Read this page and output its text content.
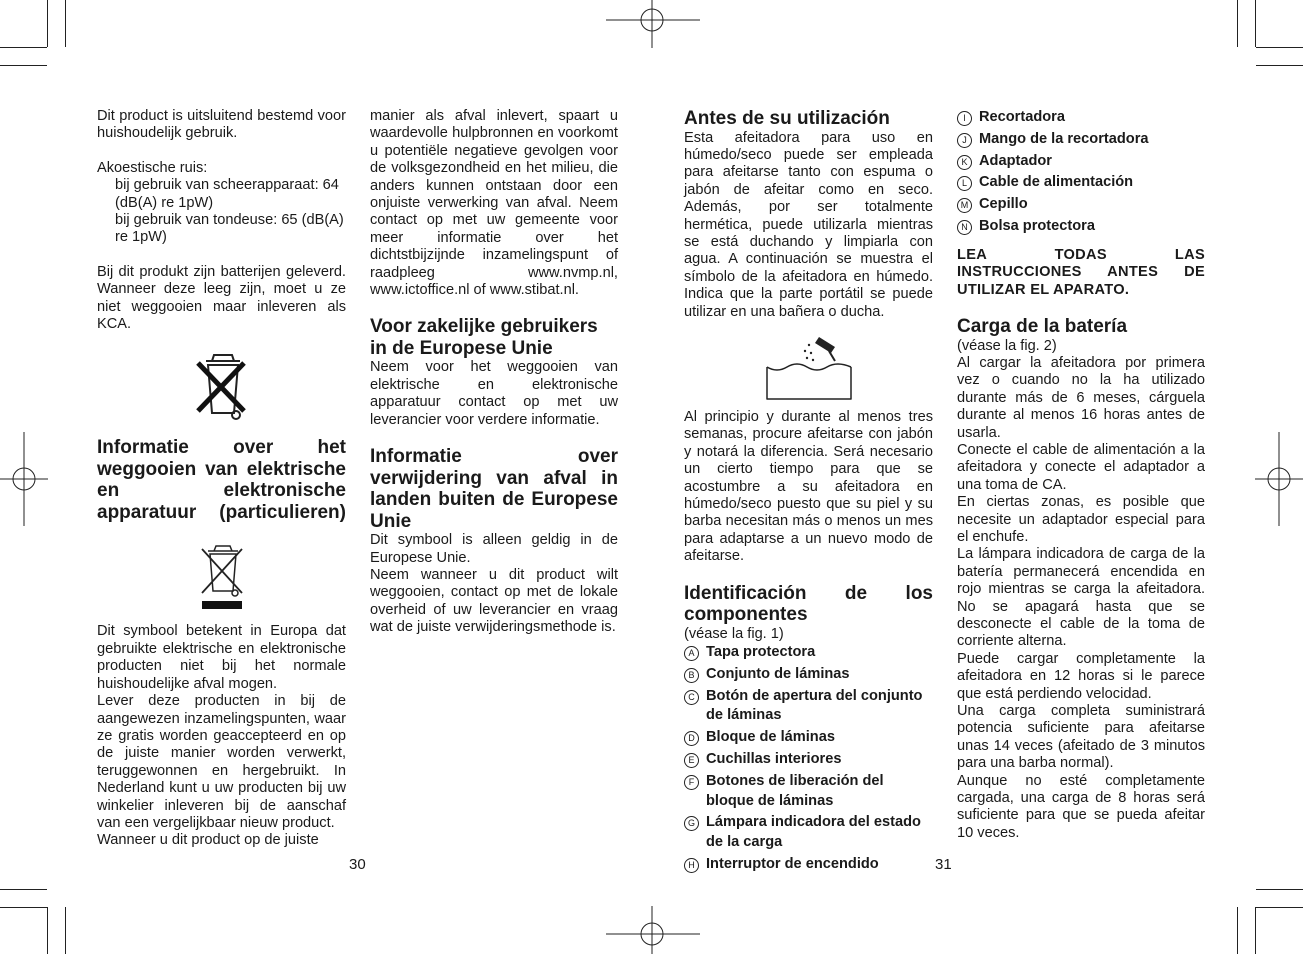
Dit product is uitsluitend bestemd voor huishoudelijk gebruik.

Akoestische ruis:

bij gebruik van scheerapparaat: 64 (dB(A) re 1pW)

bij gebruik van tondeuse: 65 (dB(A) re 1pW)

Bij dit produkt zijn batterijen geleverd. Wanneer deze leeg zijn, moet u ze niet weggooien maar inleveren als KCA.

Informatie over het weggooien van elektrische en elektronische apparatuur (particulieren)

Dit symbool betekent in Europa dat gebruikte elektrische en elektronische producten niet bij het normale huishoudelijke afval mogen.

Lever deze producten in bij de aangewezen inzamelingspunten, waar ze gratis worden geaccepteerd en op de juiste manier worden verwerkt, teruggewonnen en hergebruikt. In Nederland kunt u uw producten bij uw winkelier inleveren bij de aanschaf van een vergelijkbaar nieuw product.

Wanneer u dit product op de juiste

manier als afval inlevert, spaart u waardevolle hulpbronnen en voorkomt u potentiële negatieve gevolgen voor de volksgezondheid en het milieu, die anders kunnen ontstaan door een onjuiste verwerking van afval. Neem contact op met uw gemeente voor meer informatie over het dichtstbijzijnde inzamelingspunt of raadpleeg www.nvmp.nl, www.ictoffice.nl of www.stibat.nl.

Voor zakelijke gebruikers in de Europese Unie

Neem voor het weggooien van elektrische en elektronische apparatuur contact op met uw leverancier voor verdere informatie.

Informatie over verwijdering van afval in landen buiten de Europese Unie

Dit symbool is alleen geldig in de Europese Unie.

Neem wanneer u dit product wilt weggooien, contact op met de lokale overheid of uw leverancier en vraag wat de juiste verwijderingsmethode is.

Antes de su utilización

Esta afeitadora para uso en húmedo/seco puede ser empleada para afeitarse tanto con espuma o jabón de afeitar como en seco. Además, por ser totalmente hermética, puede utilizarla mientras se está duchando y limpiarla con agua. A continuación se muestra el símbolo de la afeitadora en húmedo. Indica que la parte portátil se puede utilizar en una bañera o ducha.

Al principio y durante al menos tres semanas, procure afeitarse con jabón y notará la diferencia. Será necesario un cierto tiempo para que se acostumbre a su afeitadora en húmedo/seco puesto que su piel y su barba necesitan más o menos un mes para adaptarse a un nuevo modo de afeitarse.

Identificación de los componentes

(véase la fig. 1)

A Tapa protectora
B Conjunto de láminas
C Botón de apertura del conjunto de láminas
D Bloque de láminas
E Cuchillas interiores
F Botones de liberación del bloque de láminas
G Lámpara indicadora del estado de la carga
H Interruptor de encendido
I Recortadora
J Mango de la recortadora
K Adaptador
L Cable de alimentación
M Cepillo
N Bolsa protectora

LEA TODAS LAS INSTRUCCIONES ANTES DE UTILIZAR EL APARATO.

Carga de la batería

(véase la fig. 2)

Al cargar la afeitadora por primera vez o cuando no la ha utilizado durante más de 6 meses, cárguela durante al menos 16 horas antes de usarla.

Conecte el cable de alimentación a la afeitadora y conecte el adaptador a una toma de CA.

En ciertas zonas, es posible que necesite un adaptador especial para el enchufe.

La lámpara indicadora de carga de la batería permanecerá encendida en rojo mientras se carga la afeitadora. No se apagará hasta que se desconecte el cable de la toma de corriente alterna.

Puede cargar completamente la afeitadora en 12 horas si le parece que está perdiendo velocidad.

Una carga completa suministrará potencia suficiente para afeitarse unas 14 veces (afeitado de 3 minutos para una barba normal).

Aunque no esté completamente cargada, una carga de 8 horas será suficiente para que se pueda afeitar 10 veces.

30	31
